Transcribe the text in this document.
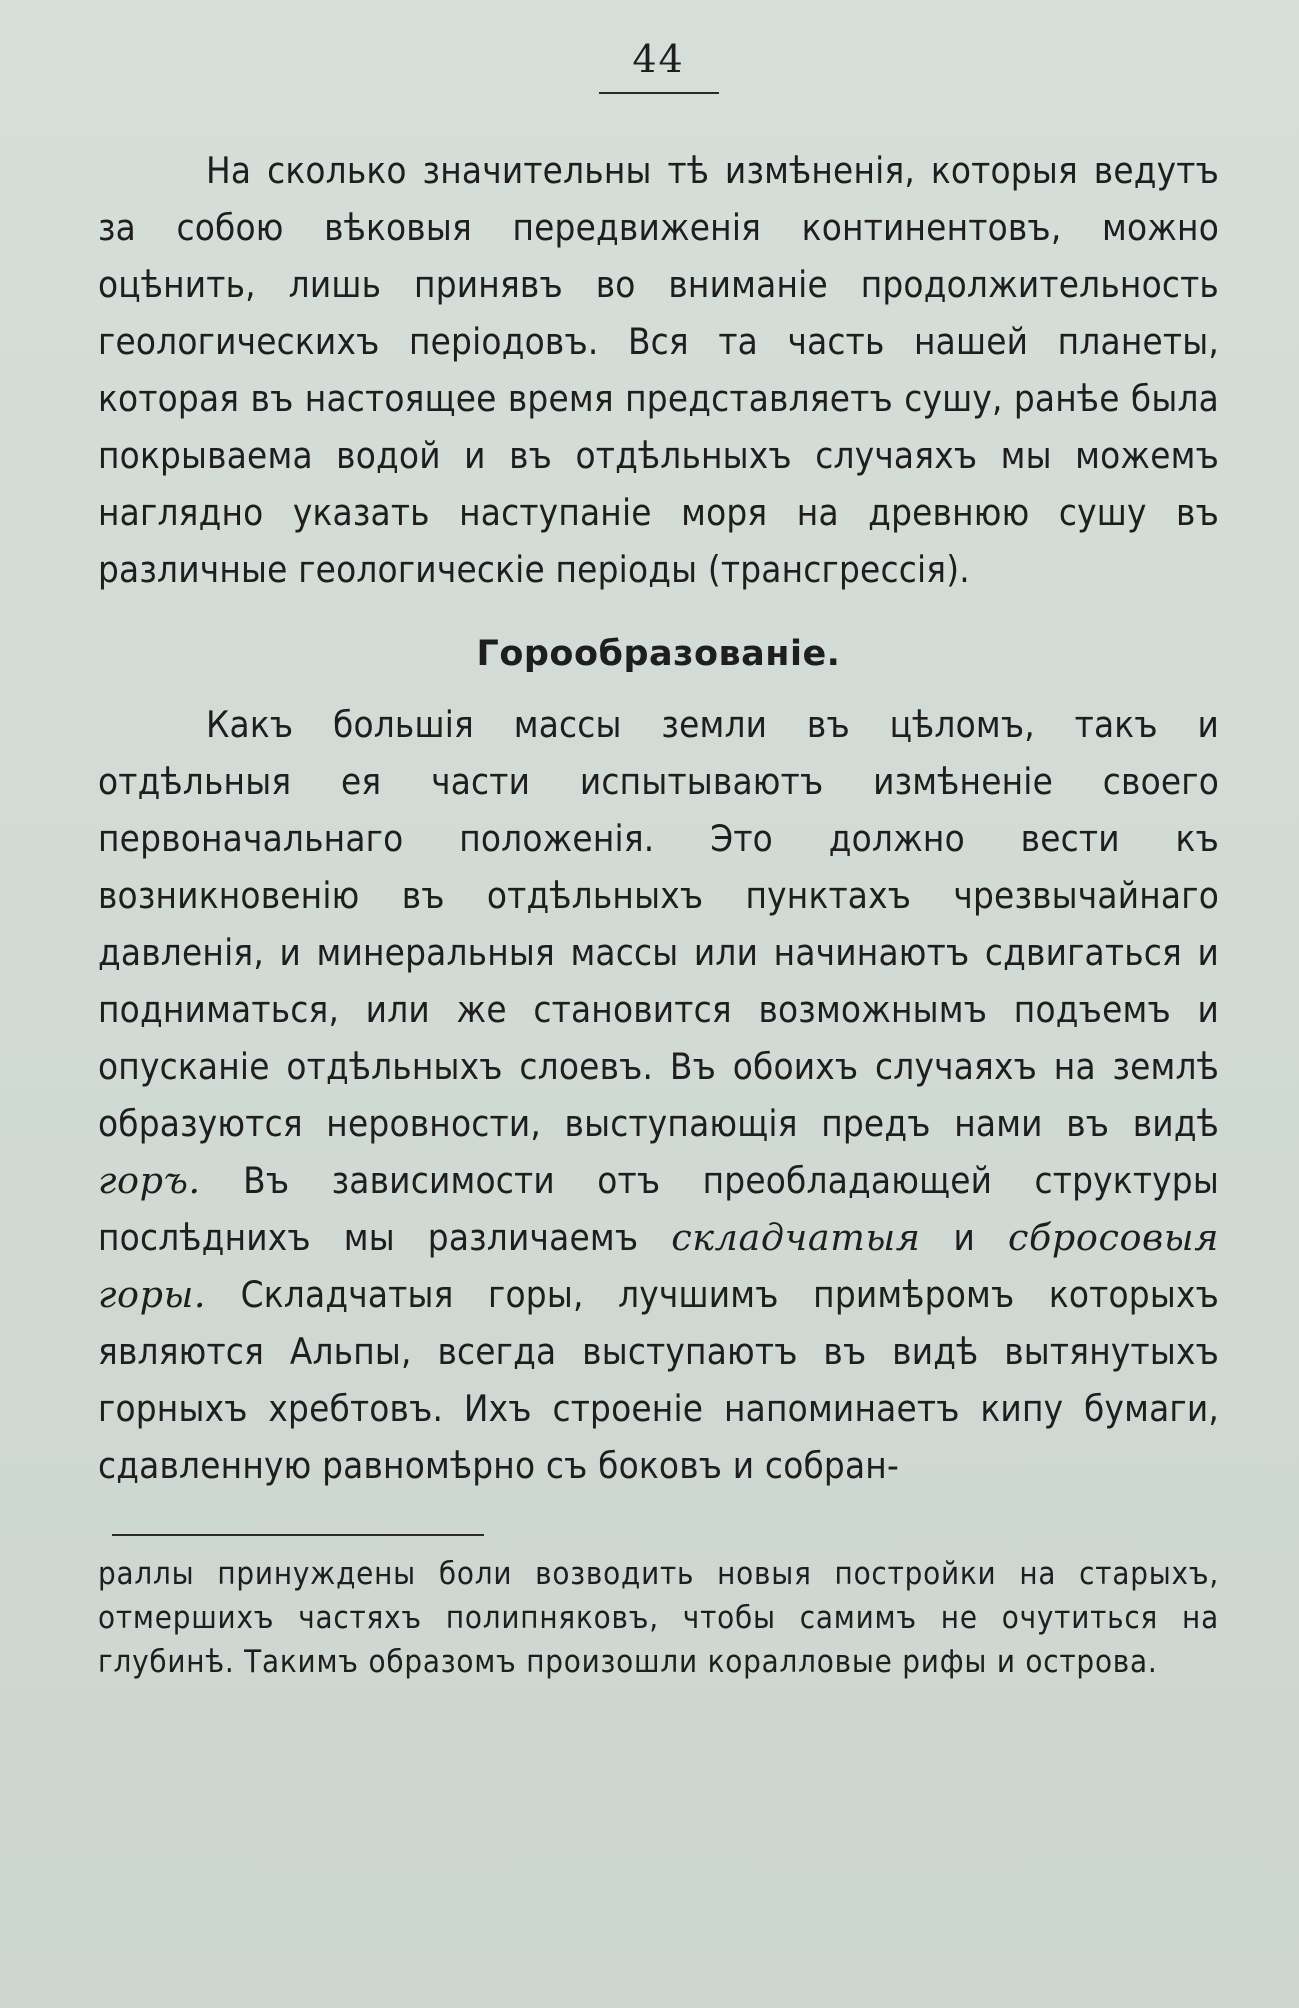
44

На сколько значительны тѣ измѣненія, которыя ведутъ за собою вѣковыя передвиженія континентовъ, можно оцѣнить, лишь принявъ во вниманіе продолжительность геологическихъ періодовъ. Вся та часть нашей планеты, которая въ настоящее время представляетъ сушу, ранѣе была покрываема водой и въ отдѣльныхъ случаяхъ мы можемъ наглядно указать наступаніе моря на древнюю сушу въ различные геологическіе періоды (трансгрессія).

Горообразованіе.

Какъ большія массы земли въ цѣломъ, такъ и отдѣльныя ея части испытываютъ измѣненіе своего первоначальнаго положенія. Это должно вести къ возникновенію въ отдѣльныхъ пунктахъ чрезвычайнаго давленія, и минеральныя массы или начинаютъ сдвигаться и подниматься, или же становится возможнымъ подъемъ и опусканіе отдѣльныхъ слоевъ. Въ обоихъ случаяхъ на землѣ образуются неровности, выступающія предъ нами въ видѣ горъ. Въ зависимости отъ преобладающей структуры послѣднихъ мы различаемъ складчатыя и сбросовыя горы. Складчатыя горы, лучшимъ примѣромъ которыхъ являются Альпы, всегда выступаютъ въ видѣ вытянутыхъ горныхъ хребтовъ. Ихъ строеніе напоминаетъ кипу бумаги, сдавленную равномѣрно съ боковъ и собран-

раллы принуждены боли возводить новыя постройки на старыхъ, отмершихъ частяхъ полипняковъ, чтобы самимъ не очутиться на глубинѣ. Такимъ образомъ произошли коралловые рифы и острова.
